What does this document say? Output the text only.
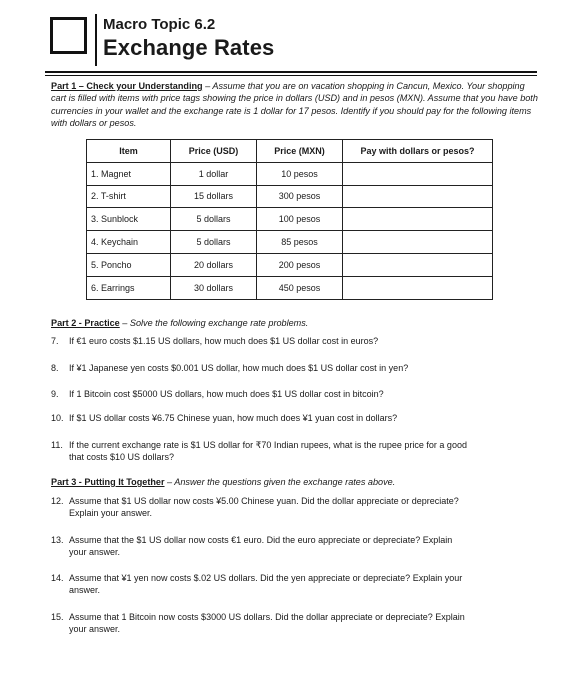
Macro Topic 6.2
Exchange Rates
Part 1 – Check your Understanding – Assume that you are on vacation shopping in Cancun, Mexico. Your shopping cart is filled with items with price tags showing the price in dollars (USD) and in pesos (MXN). Assume that you have both currencies in your wallet and the exchange rate is 1 dollar for 17 pesos. Identify if you should pay for the following items with dollars or pesos.
Item	Price (USD)	Price (MXN)	Pay with dollars or pesos?
1. Magnet	1 dollar	10 pesos	
2. T-shirt	15 dollars	300 pesos	
3. Sunblock	5 dollars	100 pesos	
4. Keychain	5 dollars	85 pesos	
5. Poncho	20 dollars	200 pesos	
6. Earrings	30 dollars	450 pesos	
Part 2 - Practice – Solve the following exchange rate problems.
7. If €1 euro costs $1.15 US dollars, how much does $1 US dollar cost in euros?
8. If ¥1 Japanese yen costs $0.001 US dollar, how much does $1 US dollar cost in yen?
9. If 1 Bitcoin cost $5000 US dollars, how much does $1 US dollar cost in bitcoin?
10. If $1 US dollar costs ¥6.75 Chinese yuan, how much does ¥1 yuan cost in dollars?
11. If the current exchange rate is $1 US dollar for ₹70 Indian rupees, what is the rupee price for a good
that costs $10 US dollars?
Part 3 - Putting It Together – Answer the questions given the exchange rates above.
12. Assume that $1 US dollar now costs ¥5.00 Chinese yuan. Did the dollar appreciate or depreciate?
Explain your answer.
13. Assume that the $1 US dollar now costs €1 euro. Did the euro appreciate or depreciate? Explain
your answer.
14. Assume that ¥1 yen now costs $.02 US dollars. Did the yen appreciate or depreciate? Explain your
answer.
15. Assume that 1 Bitcoin now costs $3000 US dollars. Did the dollar appreciate or depreciate? Explain
your answer.
